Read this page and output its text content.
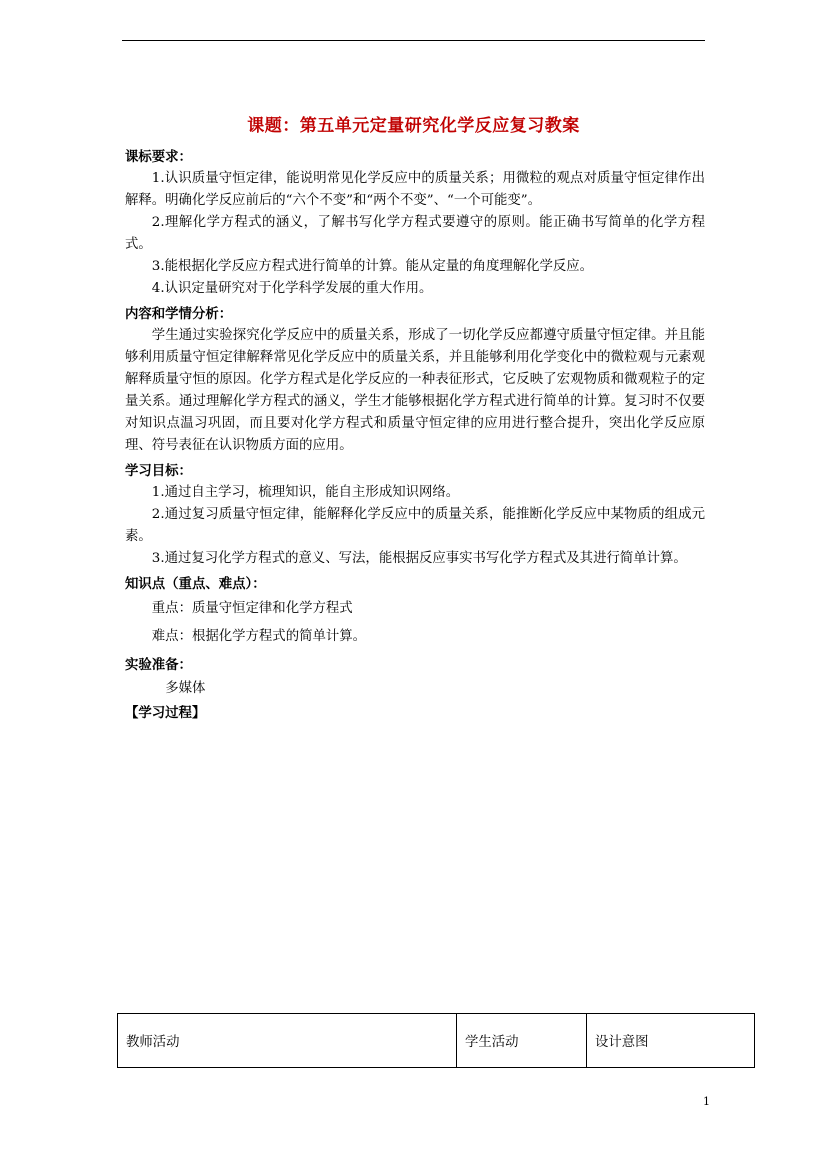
课题：第五单元定量研究化学反应复习教案

课标要求：

1.认识质量守恒定律，能说明常见化学反应中的质量关系；用微粒的观点对质量守恒定律作出解释。明确化学反应前后的“六个不变”和“两个不变”、“一个可能变”。

2.理解化学方程式的涵义，了解书写化学方程式要遵守的原则。能正确书写简单的化学方程式。

3.能根据化学反应方程式进行简单的计算。能从定量的角度理解化学反应。

4.认识定量研究对于化学科学发展的重大作用。

内容和学情分析：

学生通过实验探究化学反应中的质量关系，形成了一切化学反应都遵守质量守恒定律。并且能够利用质量守恒定律解释常见化学反应中的质量关系，并且能够利用化学变化中的微粒观与元素观解释质量守恒的原因。化学方程式是化学反应的一种表征形式，它反映了宏观物质和微观粒子的定量关系。通过理解化学方程式的涵义，学生才能够根据化学方程式进行简单的计算。复习时不仅要对知识点温习巩固，而且要对化学方程式和质量守恒定律的应用进行整合提升，突出化学反应原理、符号表征在认识物质方面的应用。

学习目标：

1.通过自主学习，梳理知识，能自主形成知识网络。

2.通过复习质量守恒定律，能解释化学反应中的质量关系，能推断化学反应中某物质的组成元素。

3.通过复习化学方程式的意义、写法，能根据反应事实书写化学方程式及其进行简单计算。

知识点（重点、难点）：

重点：质量守恒定律和化学方程式

难点：根据化学方程式的简单计算。

实验准备：

多媒体

【学习过程】

教师活动	学生活动	设计意图
1
